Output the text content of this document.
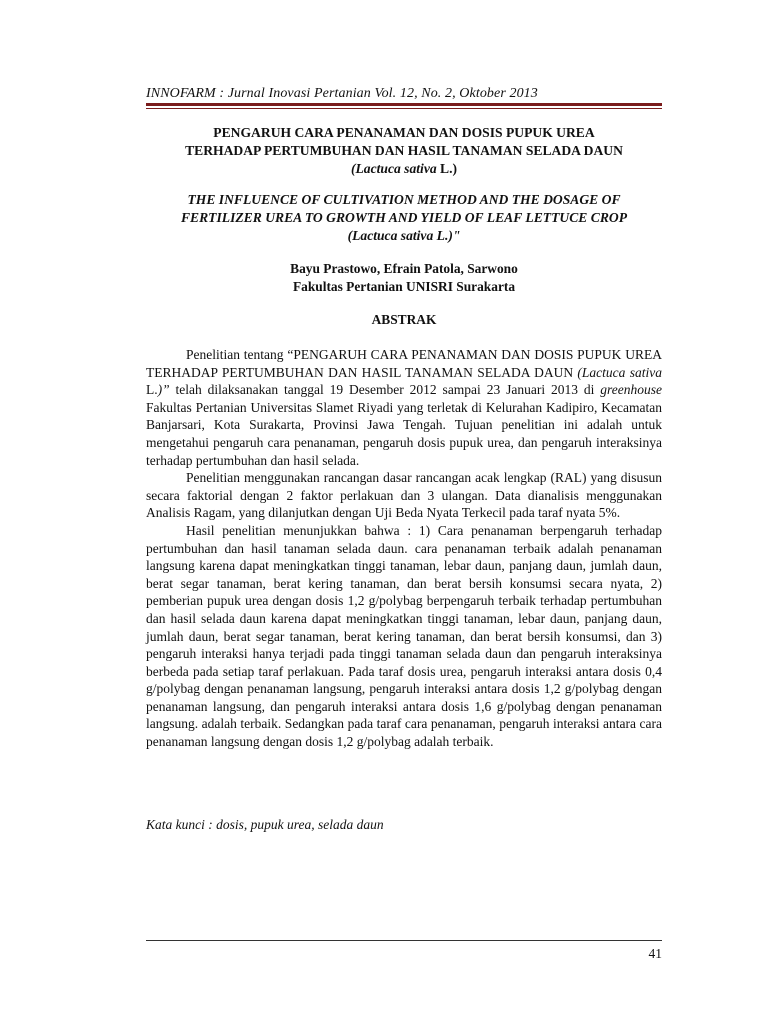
INNOFARM : Jurnal Inovasi Pertanian Vol. 12, No. 2, Oktober 2013
PENGARUH CARA PENANAMAN DAN DOSIS PUPUK UREA
TERHADAP PERTUMBUHAN DAN HASIL TANAMAN SELADA DAUN
(Lactuca sativa L.)
THE INFLUENCE OF CULTIVATION METHOD AND THE DOSAGE OF
FERTILIZER UREA TO GROWTH AND YIELD OF LEAF LETTUCE CROP
(Lactuca sativa L.)"
Bayu Prastowo, Efrain Patola, Sarwono
Fakultas Pertanian UNISRI Surakarta
ABSTRAK

Penelitian tentang “PENGARUH CARA PENANAMAN DAN DOSIS PUPUK UREA TERHADAP PERTUMBUHAN DAN HASIL TANAMAN SELADA DAUN (Lactuca sativa L.)” telah dilaksanakan tanggal 19 Desember 2012 sampai 23 Januari 2013 di greenhouse Fakultas Pertanian Universitas Slamet Riyadi yang terletak di Kelurahan Kadipiro, Kecamatan Banjarsari, Kota Surakarta, Provinsi Jawa Tengah. Tujuan penelitian ini adalah untuk mengetahui pengaruh cara penanaman, pengaruh dosis pupuk urea, dan pengaruh interaksinya terhadap pertumbuhan dan hasil selada.

Penelitian menggunakan rancangan dasar rancangan acak lengkap (RAL) yang disusun secara faktorial dengan 2 faktor perlakuan dan 3 ulangan. Data dianalisis menggunakan Analisis Ragam, yang dilanjutkan dengan Uji Beda Nyata Terkecil pada taraf nyata 5%.

Hasil penelitian menunjukkan bahwa : 1) Cara penanaman berpengaruh terhadap pertumbuhan dan hasil tanaman selada daun. cara penanaman terbaik adalah penanaman langsung karena dapat meningkatkan tinggi tanaman, lebar daun, panjang daun, jumlah daun, berat segar tanaman, berat kering tanaman, dan berat bersih konsumsi secara nyata, 2) pemberian pupuk urea dengan dosis 1,2 g/polybag berpengaruh terbaik terhadap pertumbuhan dan hasil selada daun karena dapat meningkatkan tinggi tanaman, lebar daun, panjang daun, jumlah daun, berat segar tanaman, berat kering tanaman, dan berat bersih konsumsi, dan 3) pengaruh interaksi hanya terjadi pada tinggi tanaman selada daun dan pengaruh interaksinya berbeda pada setiap taraf perlakuan. Pada taraf dosis urea, pengaruh interaksi antara dosis 0,4 g/polybag dengan penanaman langsung, pengaruh interaksi antara dosis 1,2 g/polybag dengan penanaman langsung, dan pengaruh interaksi antara dosis 1,6 g/polybag dengan penanaman langsung. adalah terbaik. Sedangkan pada taraf cara penanaman, pengaruh interaksi antara cara penanaman langsung dengan dosis 1,2 g/polybag adalah terbaik.

Kata kunci : dosis, pupuk urea, selada daun
41
